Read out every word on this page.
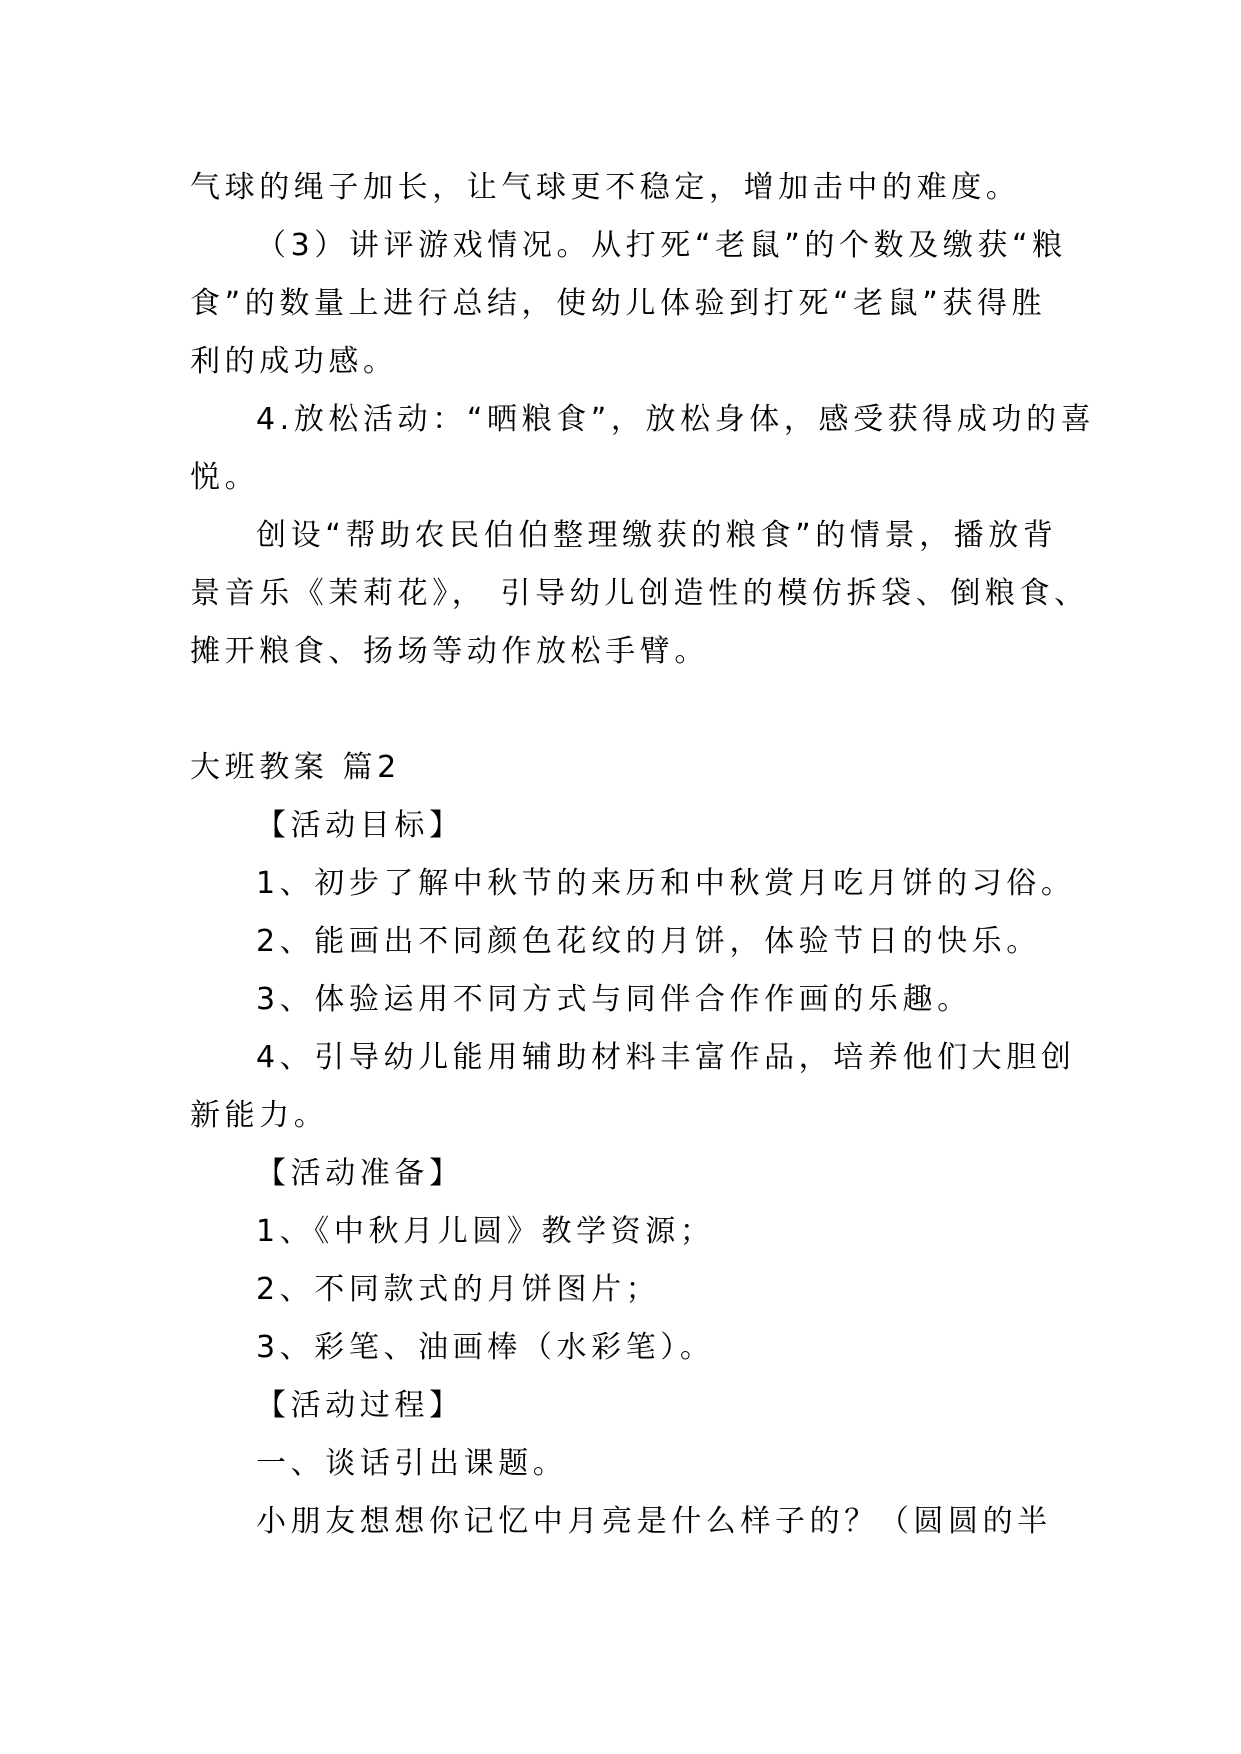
气球的绳子加长，让气球更不稳定，增加击中的难度。
（3）讲评游戏情况。从打死“老鼠”的个数及缴获“粮
食”的数量上进行总结，使幼儿体验到打死“老鼠”获得胜
利的成功感。
4.放松活动：“晒粮食”，放松身体，感受获得成功的喜
悦。
创设“帮助农民伯伯整理缴获的粮食”的情景，播放背
景音乐《茉莉花》， 引导幼儿创造性的模仿拆袋、倒粮食、
摊开粮食、扬场等动作放松手臂。
大班教案 篇2
【活动目标】
1、初步了解中秋节的来历和中秋赏月吃月饼的习俗。
2、能画出不同颜色花纹的月饼，体验节日的快乐。
3、体验运用不同方式与同伴合作作画的乐趣。
4、引导幼儿能用辅助材料丰富作品，培养他们大胆创
新能力。
【活动准备】
1、《中秋月儿圆》教学资源；
2、不同款式的月饼图片；
3、彩笔、油画棒（水彩笔）。
【活动过程】
一、谈话引出课题。
小朋友想想你记忆中月亮是什么样子的？（圆圆的半
